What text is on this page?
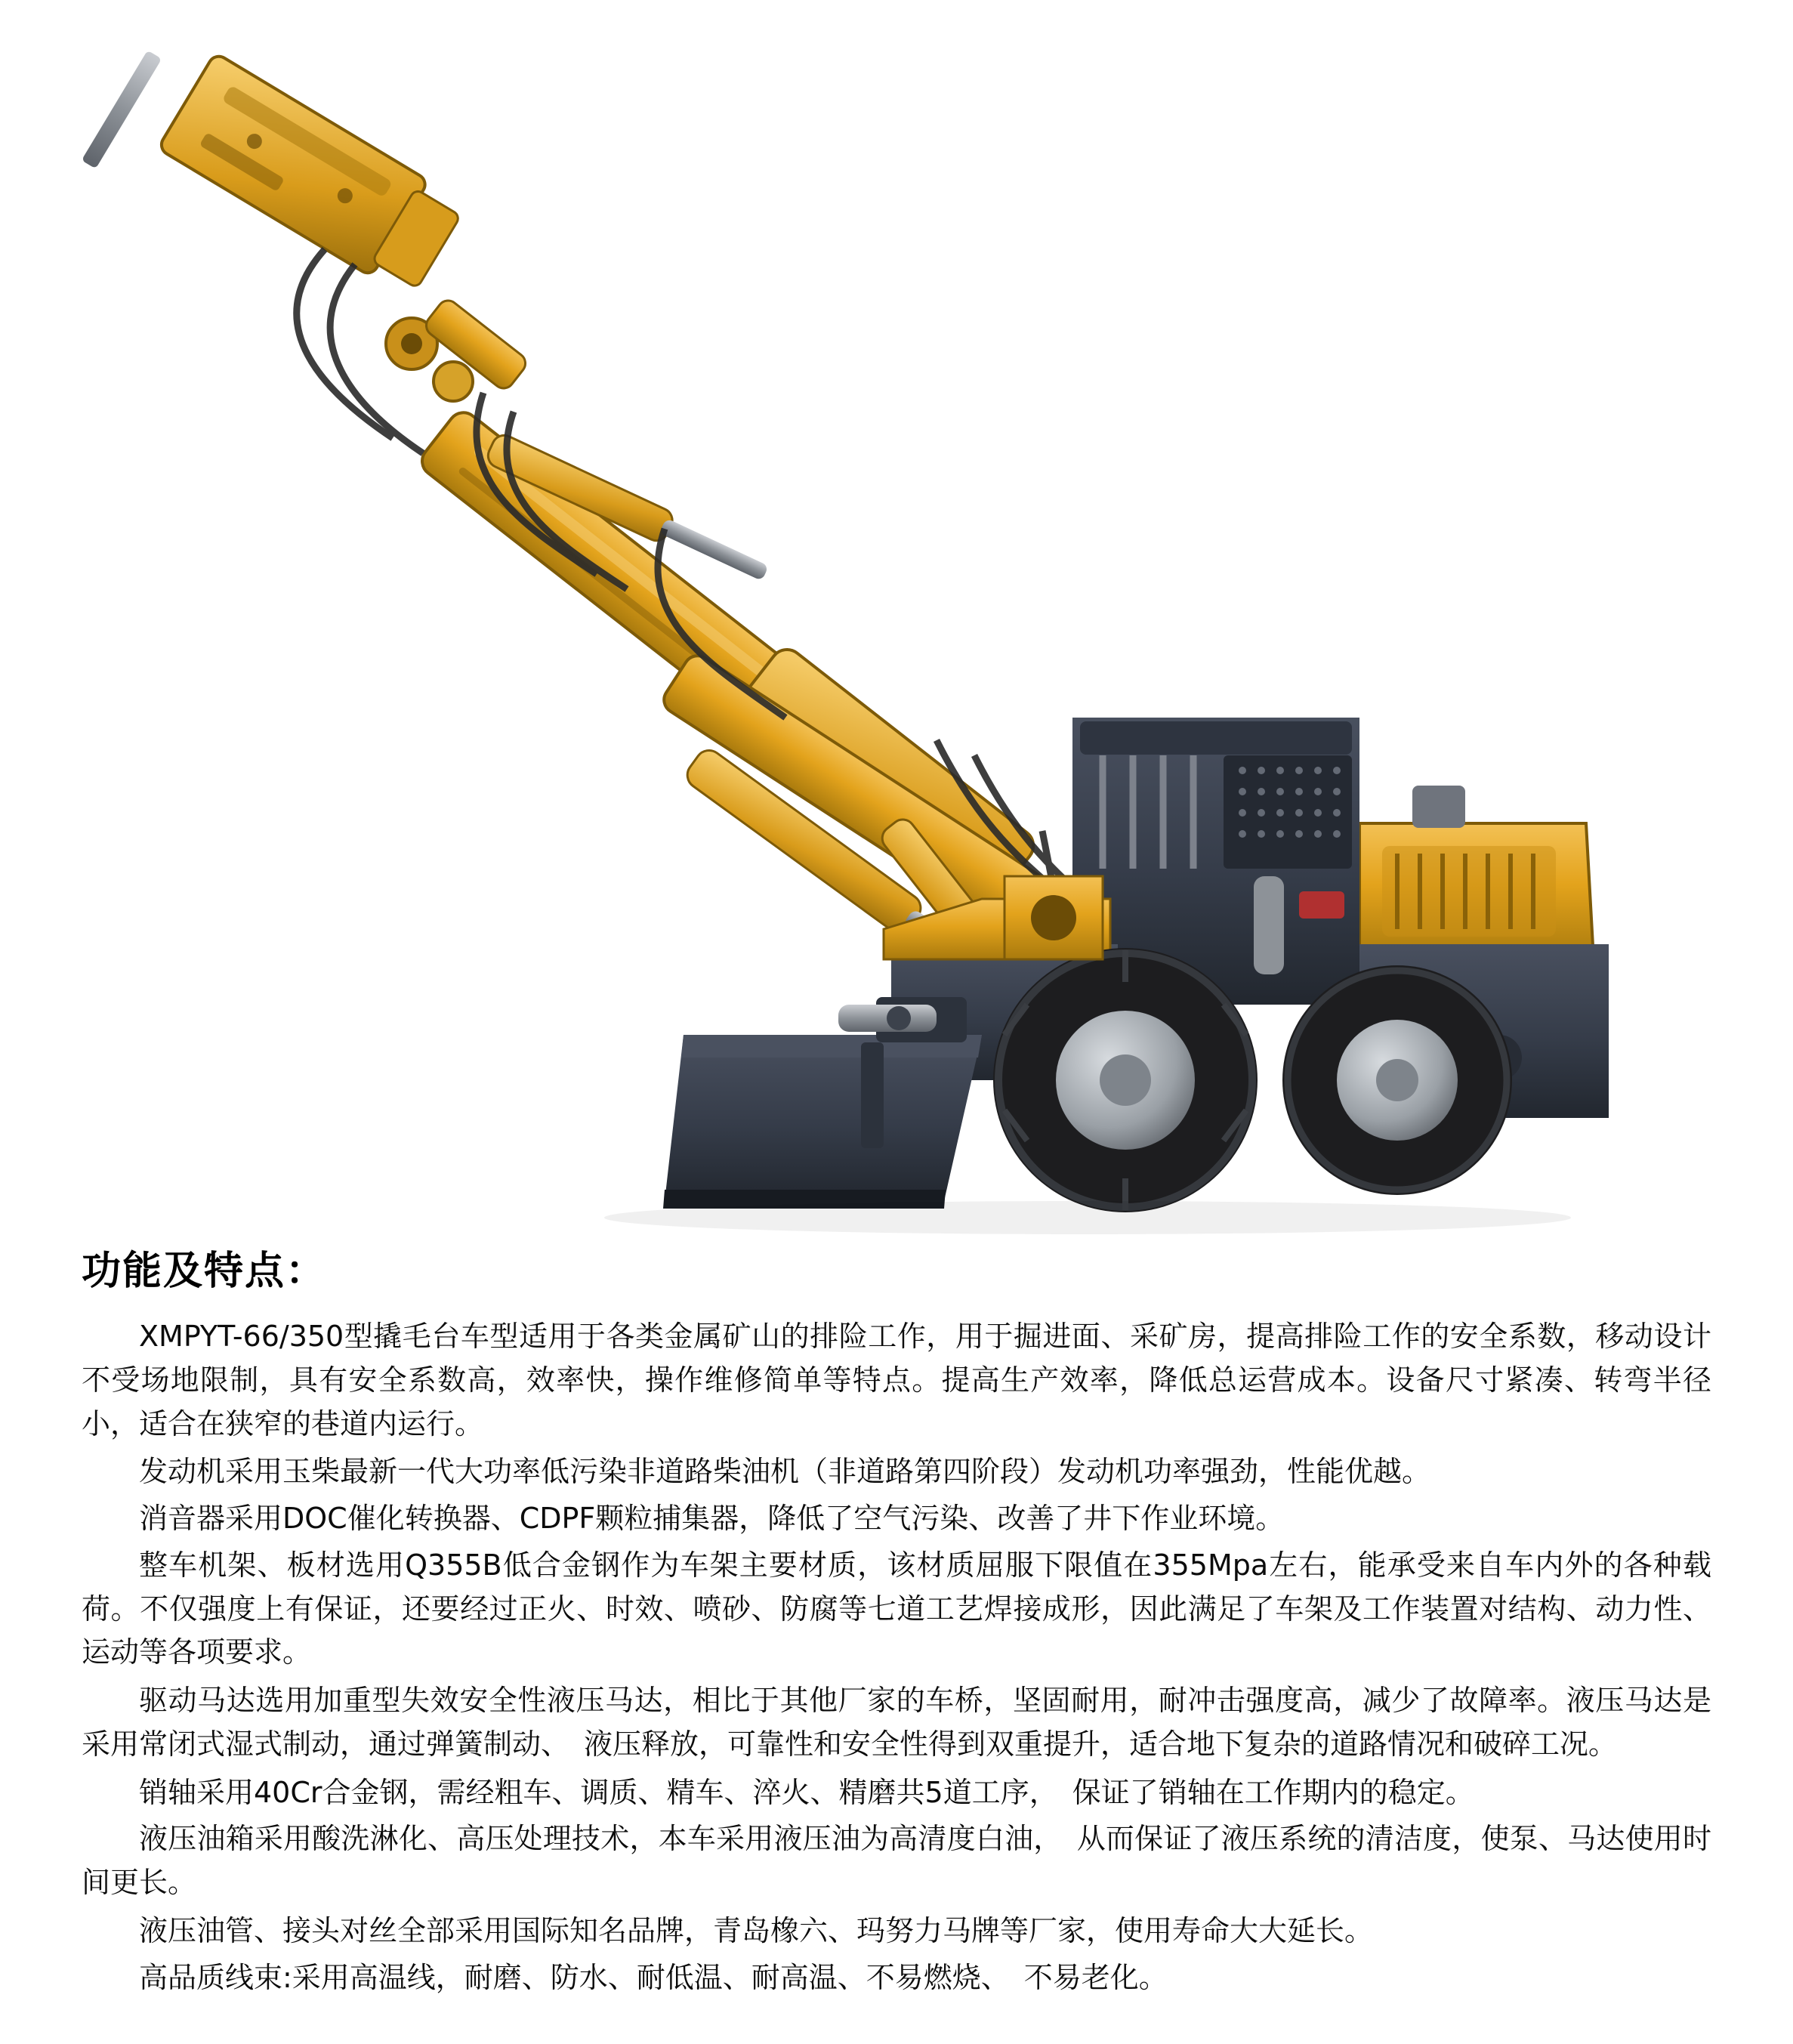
功能及特点：

XMPYT-66/350型撬毛台车型适用于各类金属矿山的排险工作，用于掘进面、采矿房，提高排险工作的安全系数，移动设计不受场地限制，具有安全系数高，效率快，操作维修简单等特点。提高生产效率，降低总运营成本。设备尺寸紧凑、转弯半径小，适合在狭窄的巷道内运行。

发动机采用玉柴最新一代大功率低污染非道路柴油机（非道路第四阶段）发动机功率强劲，性能优越。

消音器采用DOC催化转换器、CDPF颗粒捕集器，降低了空气污染、改善了井下作业环境。

整车机架、板材选用Q355B低合金钢作为车架主要材质，该材质屈服下限值在355Mpa左右，能承受来自车内外的各种载荷。不仅强度上有保证，还要经过正火、时效、喷砂、防腐等七道工艺焊接成形，因此满足了车架及工作装置对结构、动力性、运动等各项要求。

驱动马达选用加重型失效安全性液压马达，相比于其他厂家的车桥，坚固耐用，耐冲击强度高，减少了故障率。液压马达是采用常闭式湿式制动，通过弹簧制动、　液压释放，可靠性和安全性得到双重提升，适合地下复杂的道路情况和破碎工况。

销轴采用40Cr合金钢，需经粗车、调质、精车、淬火、精磨共5道工序，　保证了销轴在工作期内的稳定。

液压油箱采用酸洗淋化、高压处理技术，本车采用液压油为高清度白油，　从而保证了液压系统的清洁度，使泵、马达使用时间更长。

液压油管、接头对丝全部采用国际知名品牌，青岛橡六、玛努力马牌等厂家，使用寿命大大延长。

高品质线束:采用高温线，耐磨、防水、耐低温、耐高温、不易燃烧、　不易老化。
